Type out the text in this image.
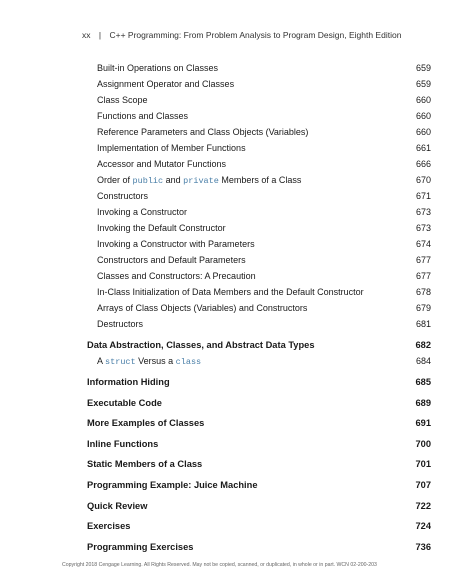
xx | C++ Programming: From Problem Analysis to Program Design, Eighth Edition
Built-in Operations on Classes	659
Assignment Operator and Classes	659
Class Scope	660
Functions and Classes	660
Reference Parameters and Class Objects (Variables)	660
Implementation of Member Functions	661
Accessor and Mutator Functions	666
Order of public and private Members of a Class	670
Constructors	671
Invoking a Constructor	673
Invoking the Default Constructor	673
Invoking a Constructor with Parameters	674
Constructors and Default Parameters	677
Classes and Constructors: A Precaution	677
In-Class Initialization of Data Members and the Default Constructor	678
Arrays of Class Objects (Variables) and Constructors	679
Destructors	681
Data Abstraction, Classes, and Abstract Data Types	682
A struct Versus a class	684
Information Hiding	685
Executable Code	689
More Examples of Classes	691
Inline Functions	700
Static Members of a Class	701
Programming Example: Juice Machine	707
Quick Review	722
Exercises	724
Programming Exercises	736
Copyright 2018 Cengage Learning. All Rights Reserved. May not be copied, scanned, or duplicated, in whole or in part. WCN 02-200-203
